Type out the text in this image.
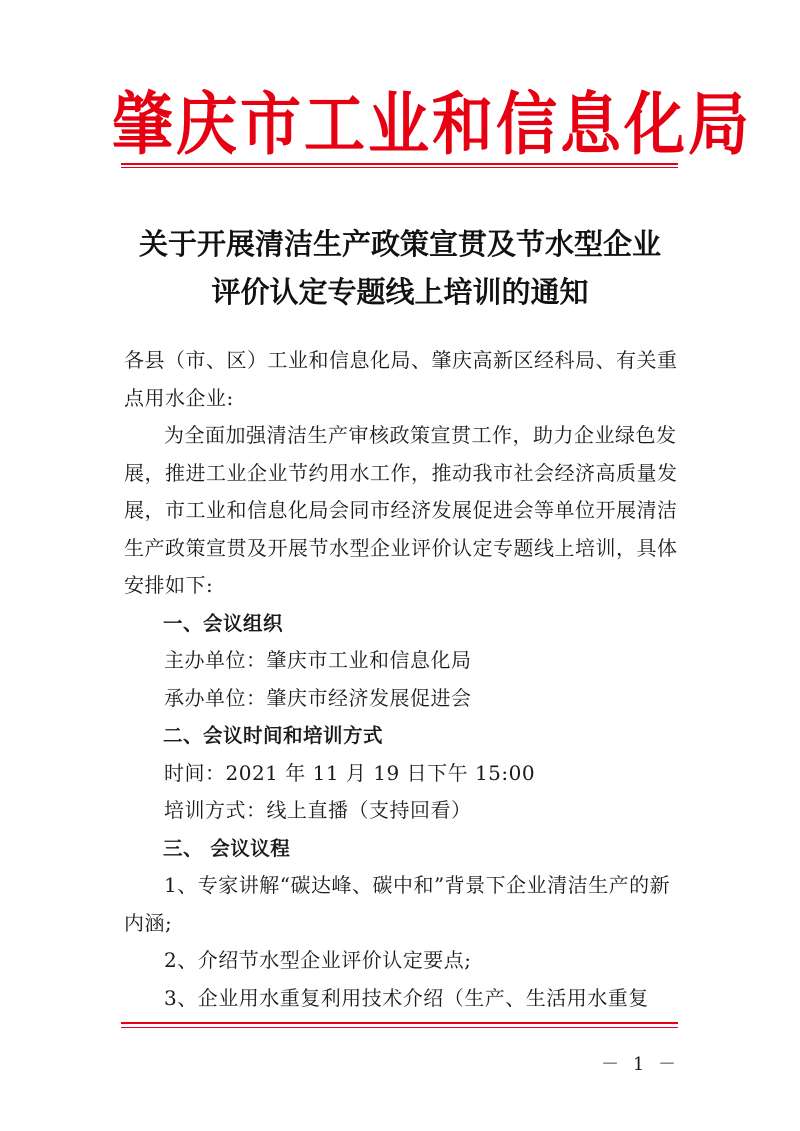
肇庆市工业和信息化局
关于开展清洁生产政策宣贯及节水型企业
评价认定专题线上培训的通知

各县（市、区）工业和信息化局、肇庆高新区经科局、有关重点用水企业:

为全面加强清洁生产审核政策宣贯工作，助力企业绿色发展，推进工业企业节约用水工作，推动我市社会经济高质量发展，市工业和信息化局会同市经济发展促进会等单位开展清洁生产政策宣贯及开展节水型企业评价认定专题线上培训，具体安排如下:

一、会议组织

主办单位：肇庆市工业和信息化局

承办单位：肇庆市经济发展促进会

二、会议时间和培训方式

时间：2021 年 11 月 19 日下午 15:00

培训方式：线上直播（支持回看）

三、 会议议程

1、专家讲解“碳达峰、碳中和”背景下企业清洁生产的新内涵;

2、介绍节水型企业评价认定要点;

3、企业用水重复利用技术介绍（生产、生活用水重复

－ 1 －
